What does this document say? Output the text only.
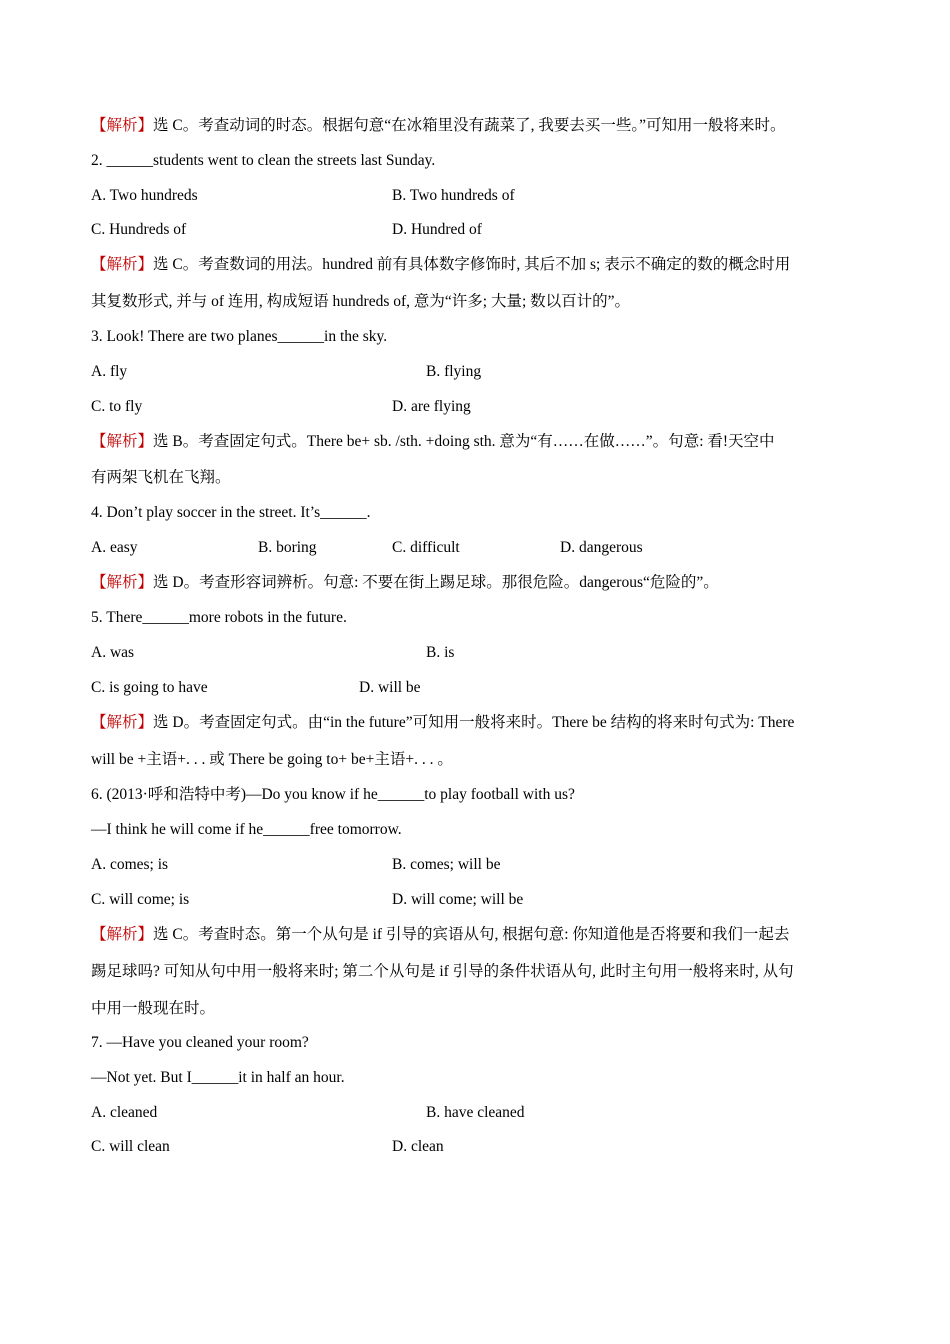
【解析】选 C。考查动词的时态。根据句意“在冰箱里没有蔬菜了, 我要去买一些。”可知用一般将来时。
2. ______students went to clean the streets last Sunday.
A. Two hundreds	B. Two hundreds of
C. Hundreds of	D. Hundred of
【解析】选 C。考查数词的用法。hundred 前有具体数字修饰时, 其后不加 s; 表示不确定的数的概念时用
其复数形式, 并与 of 连用, 构成短语 hundreds of, 意为“许多; 大量; 数以百计的”。
3. Look! There are two planes______in the sky.
A. fly	B. flying
C. to fly	D. are flying
【解析】选 B。考查固定句式。There be+ sb. /sth. +doing sth. 意为“有……在做……”。句意: 看!天空中
有两架飞机在飞翔。
4. Don’t play soccer in the street. It’s______.
A. easy	B. boring	C. difficult	D. dangerous
【解析】选 D。考查形容词辨析。句意: 不要在街上踢足球。那很危险。dangerous“危险的”。
5. There______more robots in the future.
A. was	B. is
C. is going to have	D. will be
【解析】选 D。考查固定句式。由“in the future”可知用一般将来时。There be 结构的将来时句式为: There
will be +主语+. . . 或 There be going to+ be+主语+. . . 。
6. (2013·呼和浩特中考)—Do you know if he______to play football with us?
—I think he will come if he______free tomorrow.
A. comes; is	B. comes; will be
C. will come; is	D. will come; will be
【解析】选 C。考查时态。第一个从句是 if 引导的宾语从句, 根据句意: 你知道他是否将要和我们一起去
踢足球吗? 可知从句中用一般将来时; 第二个从句是 if 引导的条件状语从句, 此时主句用一般将来时, 从句
中用一般现在时。
7. —Have you cleaned your room?
—Not yet. But I______it in half an hour.
A. cleaned	B. have cleaned
C. will clean	D. clean
